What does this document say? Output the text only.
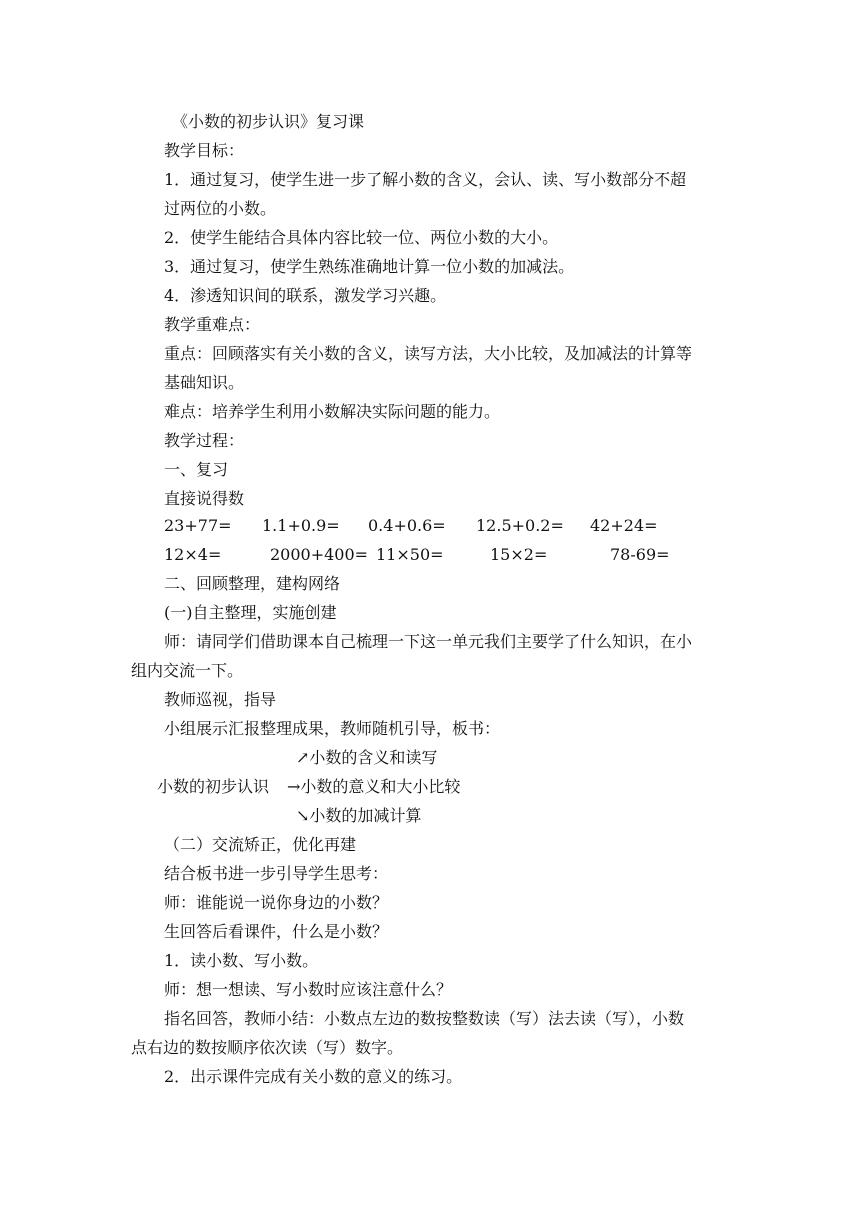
《小数的初步认识》复习课
教学目标：
1．通过复习，使学生进一步了解小数的含义，会认、读、写小数部分不超
过两位的小数。
2．使学生能结合具体内容比较一位、两位小数的大小。
3．通过复习，使学生熟练准确地计算一位小数的加减法。
4．渗透知识间的联系，激发学习兴趣。
教学重难点：
重点：回顾落实有关小数的含义，读写方法，大小比较，及加减法的计算等
基础知识。
难点：培养学生利用小数解决实际问题的能力。
教学过程：
一、复习
直接说得数
23+77= 1.1+0.9= 0.4+0.6= 12.5+0.2= 42+24=
12×4=	2000+400= 11×50=	15×2=	78-69=
二、回顾整理，建构网络
(一)自主整理，实施创建
师：请同学们借助课本自己梳理一下这一单元我们主要学了什么知识，在小
组内交流一下。
教师巡视，指导
小组展示汇报整理成果，教师随机引导，板书：
↗小数的含义和读写
小数的初步认识 →小数的意义和大小比较
↘小数的加减计算
（二）交流矫正，优化再建
结合板书进一步引导学生思考：
师：谁能说一说你身边的小数？
生回答后看课件，什么是小数？
1．读小数、写小数。
师：想一想读、写小数时应该注意什么？
指名回答，教师小结：小数点左边的数按整数读（写）法去读（写），小数
点右边的数按顺序依次读（写）数字。
2．出示课件完成有关小数的意义的练习。
